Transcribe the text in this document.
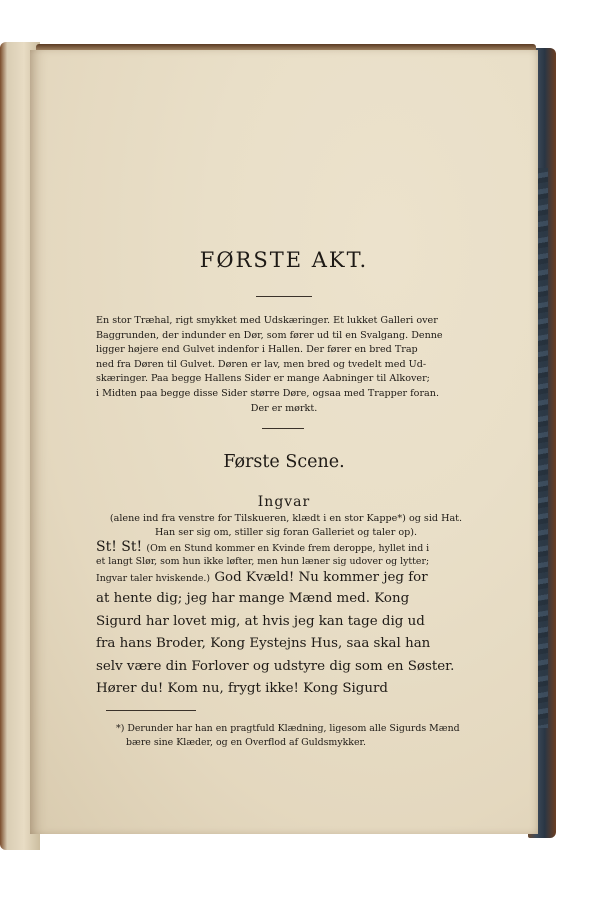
FØRSTE AKT.
En stor Træhal, rigt smykket med Udskæringer. Et lukket Galleri over
Baggrunden, der indunder en Dør, som fører ud til en Svalgang. Denne
ligger højere end Gulvet indenfor i Hallen. Der fører en bred Trap
ned fra Døren til Gulvet. Døren er lav, men bred og tvedelt med Ud-
skæringer. Paa begge Hallens Sider er mange Aabninger til Alkover;
i Midten paa begge disse Sider større Døre, ogsaa med Trapper foran.
Der er mørkt.
Første Scene.
Ingvar
(alene ind fra venstre for Tilskueren, klædt i en stor Kappe*) og sid Hat.
Han ser sig om, stiller sig foran Galleriet og taler op).
St! St! (Om en Stund kommer en Kvinde frem deroppe, hyllet ind i
et langt Slør, som hun ikke løfter, men hun læner sig udover og lytter;
Ingvar taler hviskende.) God Kvæld! Nu kommer jeg for
at hente dig; jeg har mange Mænd med. Kong
Sigurd har lovet mig, at hvis jeg kan tage dig ud
fra hans Broder, Kong Eystejns Hus, saa skal han
selv være din Forlover og udstyre dig som en Søster.
Hører du! Kom nu, frygt ikke! Kong Sigurd
*) Derunder har han en pragtfuld Klædning, ligesom alle Sigurds Mænd
bære sine Klæder, og en Overflod af Guldsmykker.
